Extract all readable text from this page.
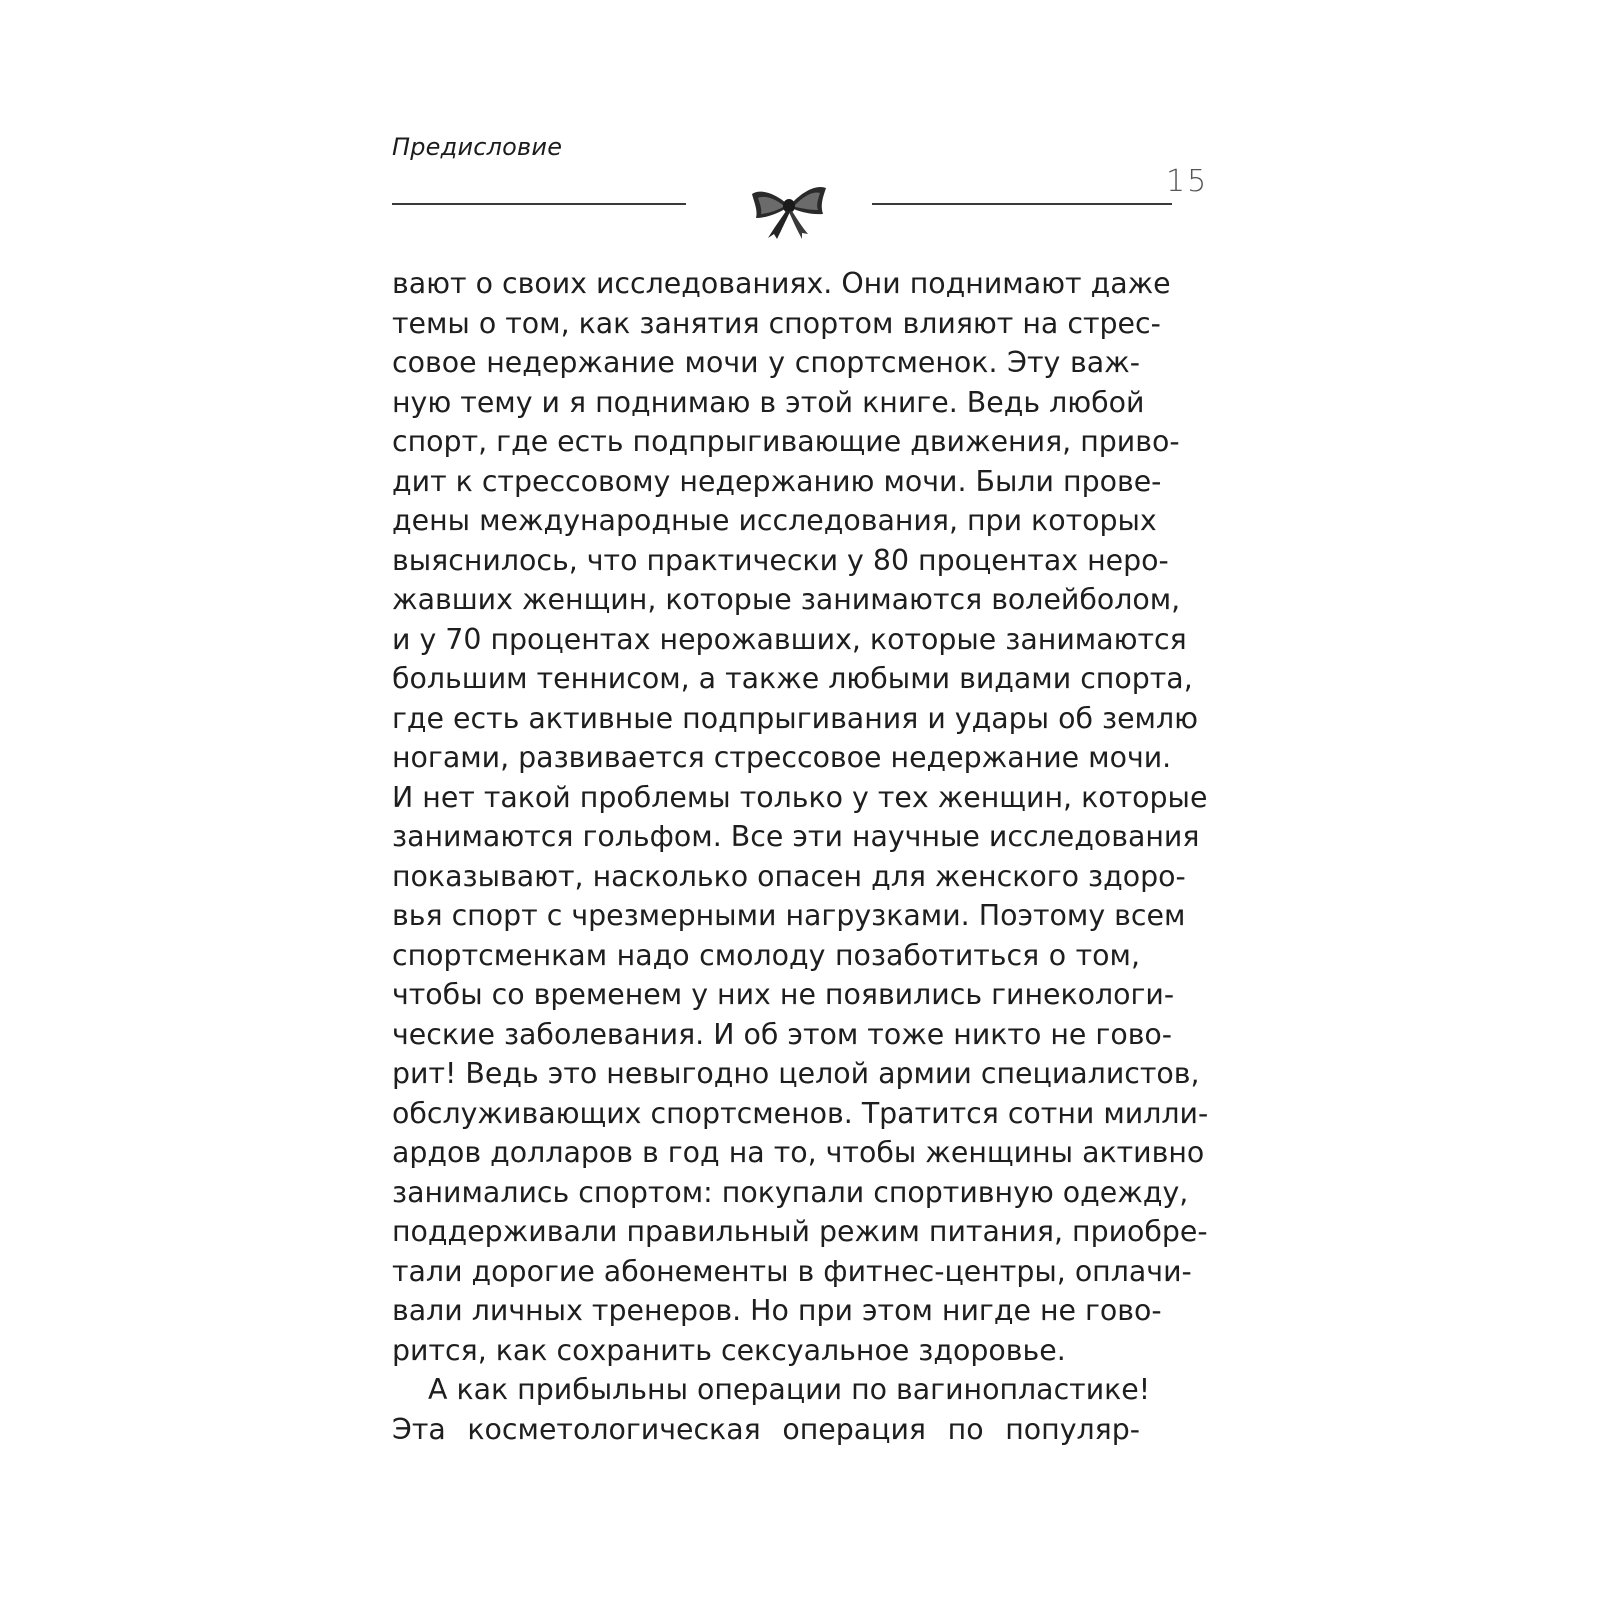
Предисловие
15
вают о своих исследованиях. Они поднимают даже
темы о том, как занятия спортом влияют на стрес-
совое недержание мочи у спортсменок. Эту важ-
ную тему и я поднимаю в этой книге. Ведь любой
спорт, где есть подпрыгивающие движения, приво-
дит к стрессовому недержанию мочи. Были прове-
дены международные исследования, при которых
выяснилось, что практически у 80 процентах неро-
жавших женщин, которые занимаются волейболом,
и у 70 процентах нерожавших, которые занимаются
большим теннисом, а также любыми видами спорта,
где есть активные подпрыгивания и удары об землю
ногами, развивается стрессовое недержание мочи.
И нет такой проблемы только у тех женщин, которые
занимаются гольфом. Все эти научные исследования
показывают, насколько опасен для женского здоро-
вья спорт с чрезмерными нагрузками. Поэтому всем
спортсменкам надо смолоду позаботиться о том,
чтобы со временем у них не появились гинекологи-
ческие заболевания. И об этом тоже никто не гово-
рит! Ведь это невыгодно целой армии специалистов,
обслуживающих спортсменов. Тратится сотни милли-
ардов долларов в год на то, чтобы женщины активно
занимались спортом: покупали спортивную одежду,
поддерживали правильный режим питания, приобре-
тали дорогие абонементы в фитнес-центры, оплачи-
вали личных тренеров. Но при этом нигде не гово-
рится, как сохранить сексуальное здоровье.
А как прибыльны операции по вагинопластике!
Эта косметологическая операция по популяр-
